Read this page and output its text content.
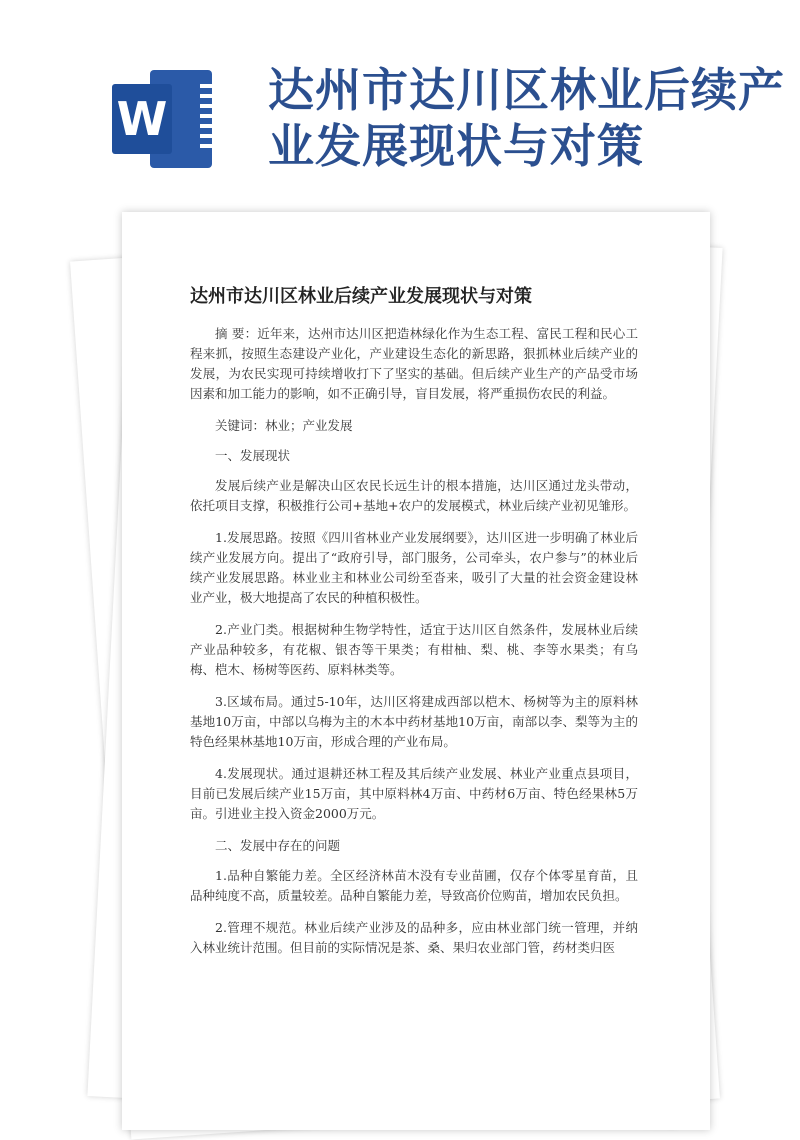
W
达州市达川区林业后续产业发展现状与对策
达州市达川区林业后续产业发展现状与对策

摘 要：近年来，达州市达川区把造林绿化作为生态工程、富民工程和民心工程来抓，按照生态建设产业化，产业建设生态化的新思路，狠抓林业后续产业的发展，为农民实现可持续增收打下了坚实的基础。但后续产业生产的产品受市场因素和加工能力的影响，如不正确引导，盲目发展，将严重损伤农民的利益。

关键词：林业；产业发展

一、发展现状

发展后续产业是解决山区农民长远生计的根本措施，达川区通过龙头带动，依托项目支撑，积极推行公司+基地+农户的发展模式，林业后续产业初见雏形。

1.发展思路。按照《四川省林业产业发展纲要》，达川区进一步明确了林业后续产业发展方向。提出了“政府引导，部门服务，公司牵头，农户参与”的林业后续产业发展思路。林业业主和林业公司纷至沓来，吸引了大量的社会资金建设林业产业，极大地提高了农民的种植积极性。

2.产业门类。根据树种生物学特性，适宜于达川区自然条件，发展林业后续产业品种较多，有花椒、银杏等干果类；有柑柚、梨、桃、李等水果类；有乌梅、桤木、杨树等医药、原料林类等。

3.区域布局。通过5-10年，达川区将建成西部以桤木、杨树等为主的原料林基地10万亩，中部以乌梅为主的木本中药材基地10万亩，南部以李、梨等为主的特色经果林基地10万亩，形成合理的产业布局。

4.发展现状。通过退耕还林工程及其后续产业发展、林业产业重点县项目，目前已发展后续产业15万亩，其中原料林4万亩、中药材6万亩、特色经果林5万亩。引进业主投入资金2000万元。

二、发展中存在的问题

1.品种自繁能力差。全区经济林苗木没有专业苗圃，仅存个体零星育苗，且品种纯度不高，质量较差。品种自繁能力差，导致高价位购苗，增加农民负担。

2.管理不规范。林业后续产业涉及的品种多，应由林业部门统一管理，并纳入林业统计范围。但目前的实际情况是茶、桑、果归农业部门管，药材类归医
